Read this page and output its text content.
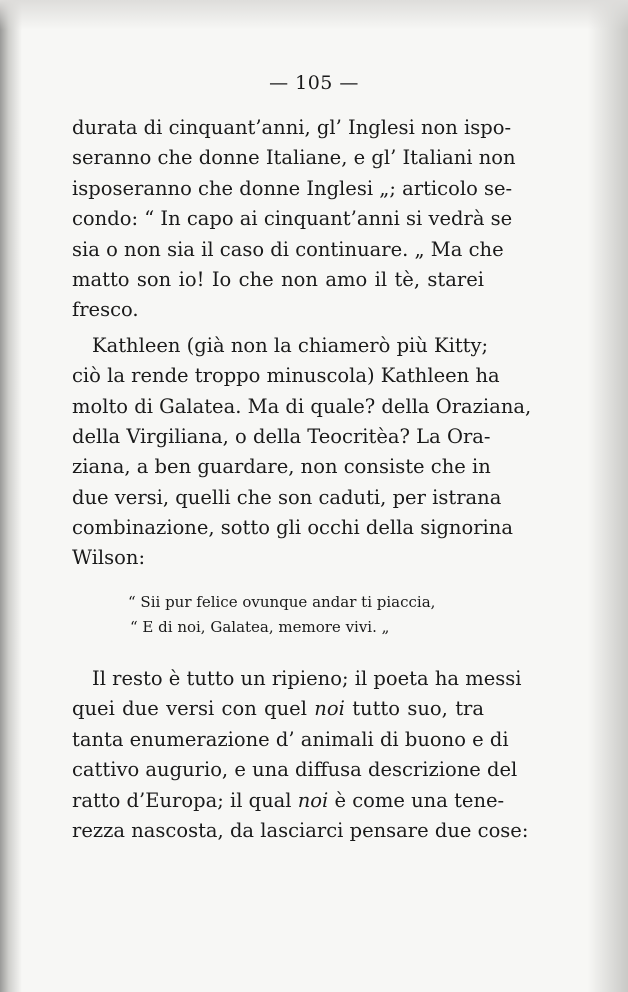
— 105 —
durata di cinquant’anni, gl’ Inglesi non ispo-
seranno che donne Italiane, e gl’ Italiani non
isposeranno che donne Inglesi „; articolo se-
condo: “ In capo ai cinquant’anni si vedrà se
sia o non sia il caso di continuare. „ Ma che
matto son io! Io che non amo il tè, starei
fresco.
Kathleen (già non la chiamerò più Kitty;
ciò la rende troppo minuscola) Kathleen ha
molto di Galatea. Ma di quale? della Oraziana,
della Virgiliana, o della Teocritèa? La Ora-
ziana, a ben guardare, non consiste che in
due versi, quelli che son caduti, per istrana
combinazione, sotto gli occhi della signorina
Wilson:
“ Sii pur felice ovunque andar ti piaccia,
“ E di noi, Galatea, memore vivi. „
Il resto è tutto un ripieno; il poeta ha messi
quei due versi con quel noi tutto suo, tra
tanta enumerazione d’ animali di buono e di
cattivo augurio, e una diffusa descrizione del
ratto d’Europa; il qual noi è come una tene-
rezza nascosta, da lasciarci pensare due cose:
